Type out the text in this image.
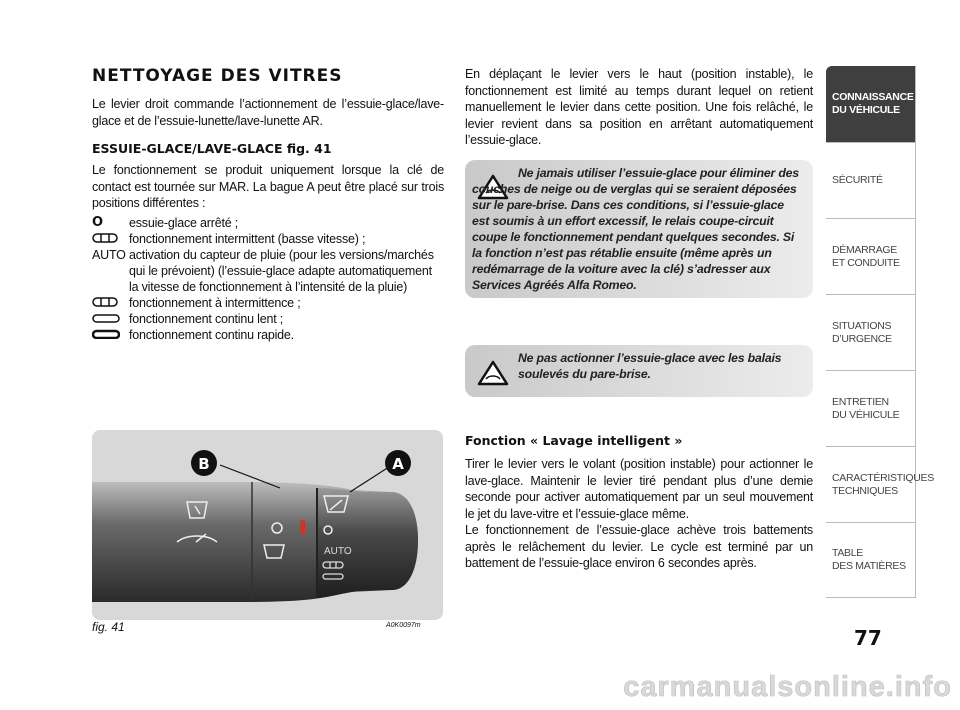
NETTOYAGE DES VITRES

Le levier droit commande l’actionnement de l’essuie-glace/lave-glace et de l’essuie-lunette/lave-lunette AR.

ESSUIE-GLACE/LAVE-GLACE fig. 41

Le fonctionnement se produit uniquement lorsque la clé de contact est tournée sur MAR. La bague A peut être placé sur trois positions différentes :

O essuie-glace arrêté ;
fonctionnement intermittent (basse vitesse) ;
AUTO activation du capteur de pluie (pour les versions/marchés qui le prévoient) (l’essuie-glace adapte automatiquement la vitesse de fonctionnement à l’intensité de la pluie)
fonctionnement à intermittence ;
fonctionnement continu lent ;
fonctionnement continu rapide.
AUTO
B	A
fig. 41	A0K0097m

En déplaçant le levier vers le haut (position instable), le fonctionnement est limité au temps durant lequel on retient manuellement le levier dans cette position. Une fois relâché, le levier revient dans sa position en arrêtant automatiquement l’essuie-glace.

Ne jamais utiliser l’essuie-glace pour éliminer des couches de neige ou de verglas qui se seraient déposées sur le pare-brise. Dans ces conditions, si l’essuie-glace est soumis à un effort excessif, le relais coupe-circuit coupe le fonctionnement pendant quelques secondes. Si la fonction n’est pas rétablie ensuite (même après un redémarrage de la voiture avec la clé) s’adresser aux Services Agréés Alfa Romeo.

Ne pas actionner l’essuie-glace avec les balais soulevés du pare-brise.

Fonction « Lavage intelligent »

Tirer le levier vers le volant (position instable) pour actionner le lave-glace. Maintenir le levier tiré pendant plus d’une demie seconde pour activer automatiquement par un seul mouvement le jet du lave-vitre et l’essuie-glace même.

Le fonctionnement de l’essuie-glace achève trois battements après le relâchement du levier. Le cycle est terminé par un battement de l’essuie-glace environ 6 secondes après.

CONNAISSANCE
DU VÉHICULE
SÉCURITÉ
DÉMARRAGE
ET CONDUITE
SITUATIONS
D’URGENCE
ENTRETIEN
DU VÉHICULE
CARACTÉRISTIQUES
TECHNIQUES
TABLE
DES MATIÈRES
77
carmanualsonline.info
